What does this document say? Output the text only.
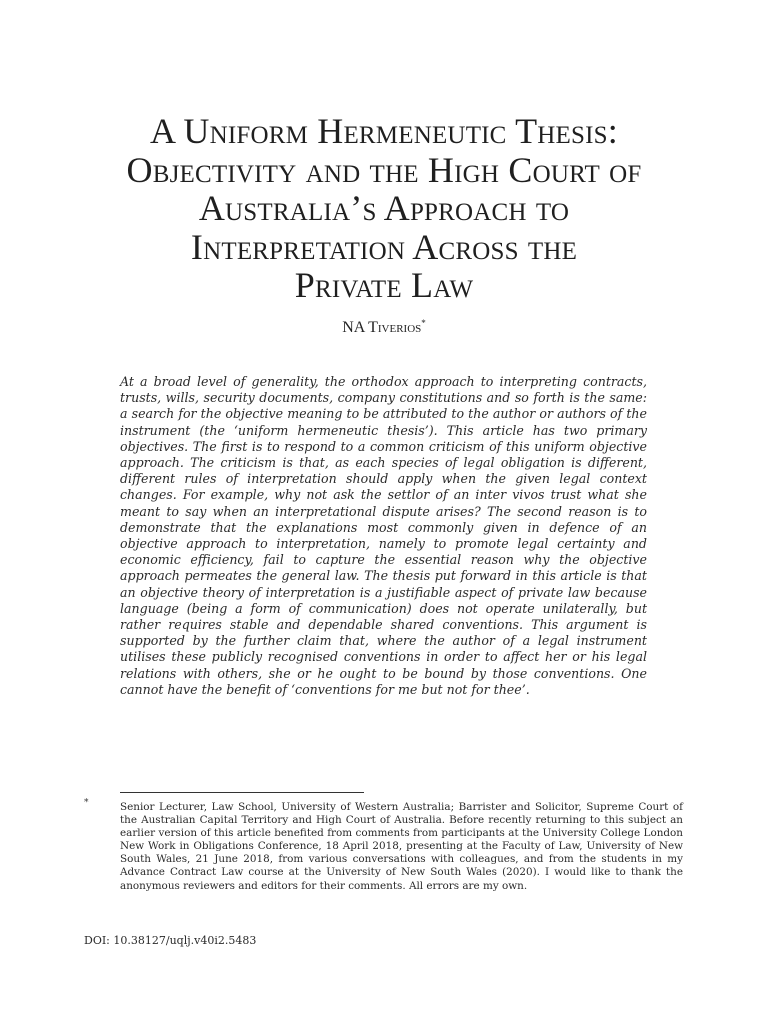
A Uniform Hermeneutic Thesis:
Objectivity and the High Court of
Australia’s Approach to
Interpretation Across the
Private Law
NA Tiverios*

At a broad level of generality, the orthodox approach to interpreting contracts, trusts, wills, security documents, company constitutions and so forth is the same: a search for the objective meaning to be attributed to the author or authors of the instrument (the ‘uniform hermeneutic thesis’). This article has two primary objectives. The first is to respond to a common criticism of this uniform objective approach. The criticism is that, as each species of legal obligation is different, different rules of interpretation should apply when the given legal context changes. For example, why not ask the settlor of an inter vivos trust what she meant to say when an interpretational dispute arises? The second reason is to demonstrate that the explanations most commonly given in defence of an objective approach to interpretation, namely to promote legal certainty and economic efficiency, fail to capture the essential reason why the objective approach permeates the general law. The thesis put forward in this article is that an objective theory of interpretation is a justifiable aspect of private law because language (being a form of communication) does not operate unilaterally, but rather requires stable and dependable shared conventions. This argument is supported by the further claim that, where the author of a legal instrument utilises these publicly recognised conventions in order to affect her or his legal relations with others, she or he ought to be bound by those conventions. One cannot have the benefit of ‘conventions for me but not for thee’.

*	Senior Lecturer, Law School, University of Western Australia; Barrister and Solicitor, Supreme Court of the Australian Capital Territory and High Court of Australia. Before recently returning to this subject an earlier version of this article benefited from comments from participants at the University College London New Work in Obligations Conference, 18 April 2018, presenting at the Faculty of Law, University of New South Wales, 21 June 2018, from various conversations with colleagues, and from the students in my Advance Contract Law course at the University of New South Wales (2020). I would like to thank the anonymous reviewers and editors for their comments. All errors are my own.

DOI: 10.38127/uqlj.v40i2.5483
